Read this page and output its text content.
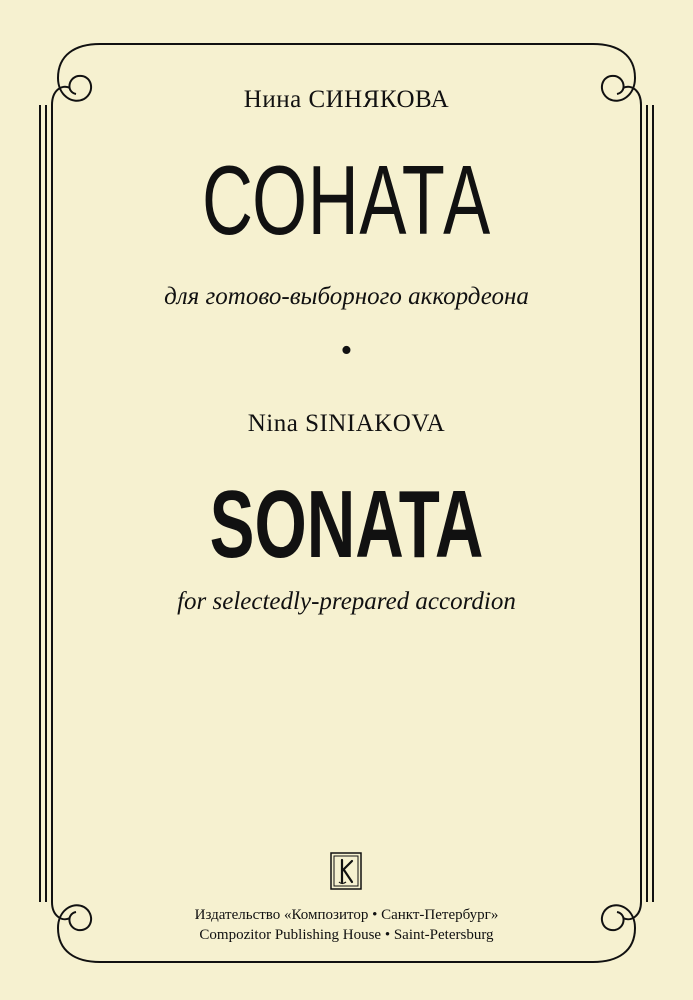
Нина СИНЯКОВА
СОНАТА
для готово-выборного аккордеона
•
Nina SINIAKOVA
SONATA
for selectedly-prepared accordion
Издательство «Композитор • Санкт-Петербург»
Compozitor Publishing House • Saint-Petersburg
